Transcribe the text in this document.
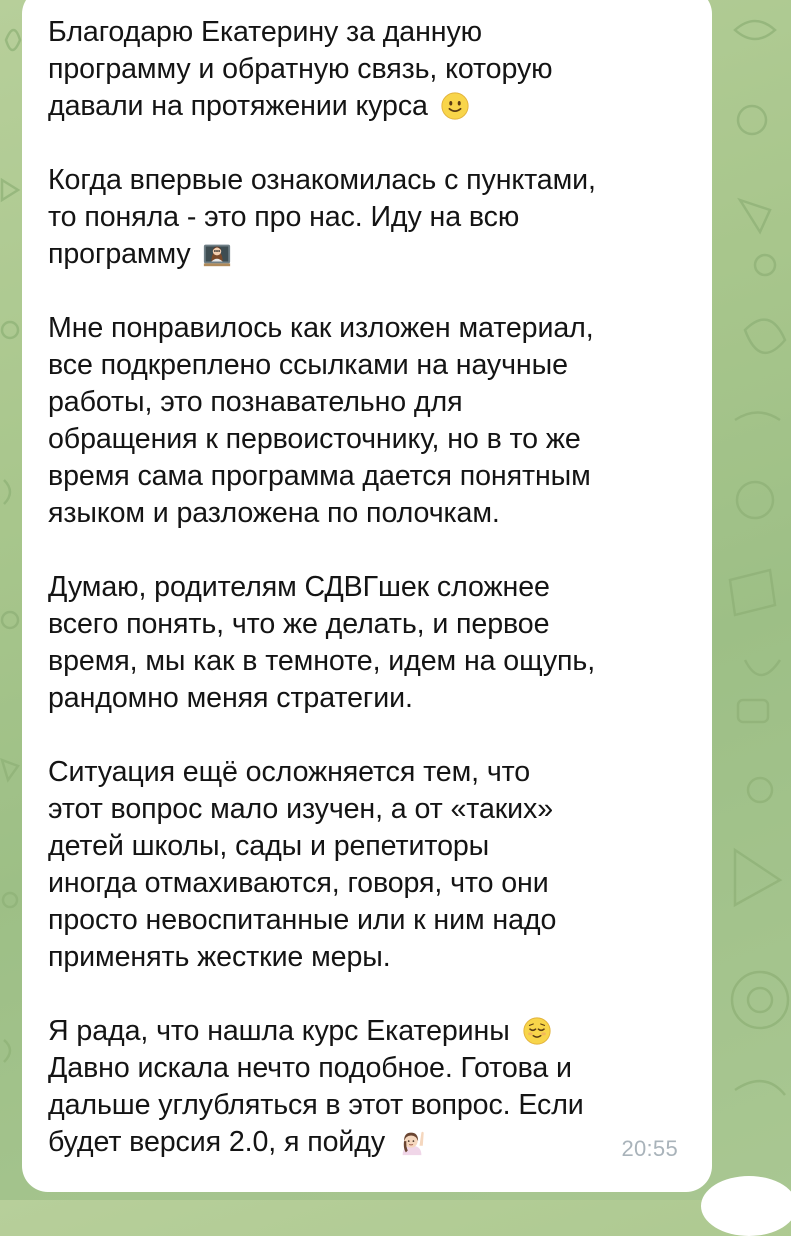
Благодарю Екатерину за данную
программу и обратную связь, которую
давали на протяжении курса

Когда впервые ознакомилась с пунктами,
то поняла - это про нас. Иду на всю
программу

Мне понравилось как изложен материал,
все подкреплено ссылками на научные
работы, это познавательно для
обращения к первоисточнику, но в то же
время сама программа дается понятным
языком и разложена по полочкам.

Думаю, родителям СДВГшек сложнее
всего понять, что же делать, и первое
время, мы как в темноте, идем на ощупь,
рандомно меняя стратегии.

Ситуация ещё осложняется тем, что
этот вопрос мало изучен, а от «таких»
детей школы, сады и репетиторы
иногда отмахиваются, говоря, что они
просто невоспитанные или к ним надо
применять жесткие меры.

Я рада, что нашла курс Екатерины
Давно искала нечто подобное. Готова и
дальше углубляться в этот вопрос. Если
будет версия 2.0, я пойду	20:55
